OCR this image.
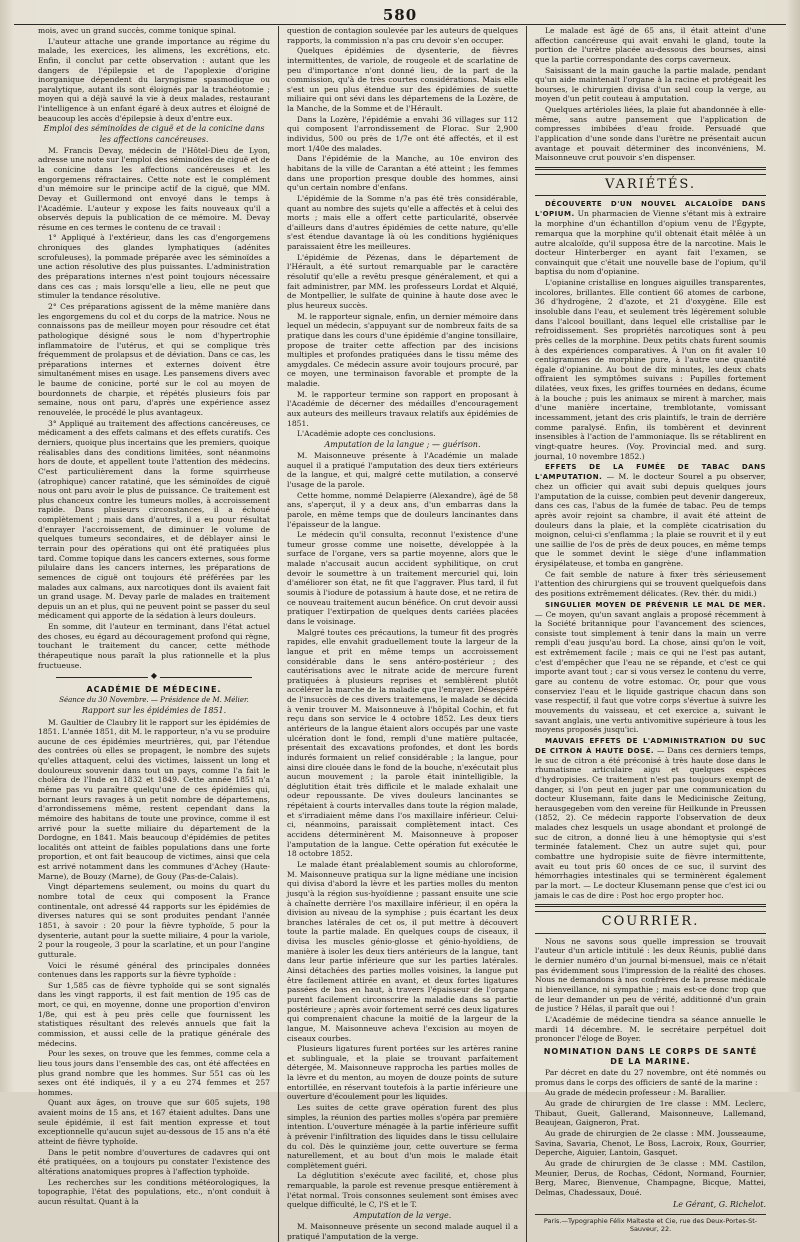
580

mois, avec un grand succès, comme tonique spinal.

L'auteur attache une grande importance au régime du malade, les exercices, les alimens, les excrétions, etc. Enfin, il conclut par cette observation : autant que les dangers de l'épilepsie et de l'apoplexie d'origine inorganique dépendent du laryngisme spasmodique ou paralytique, autant ils sont éloignés par la trachéotomie ; moyen qui a déjà sauvé la vie à deux malades, restaurant l'intelligence à un enfant égaré à deux autres et éloigné de beaucoup les accès d'épilepsie à deux d'entre eux.

Emploi des séminoïdes de ciguë et de la conicine dans les affections cancéreuses.

M. Francis Devay, médecin de l'Hôtel-Dieu de Lyon, adresse une note sur l'emploi des séminoïdes de ciguë et de la conicine dans les affections cancéreuses et les engorgemens réfractaires. Cette note est le complément d'un mémoire sur le principe actif de la ciguë, que MM. Devay et Guillermond ont envoyé dans le temps à l'Académie. L'auteur y expose les faits nouveaux qu'il a observés depuis la publication de ce mémoire. M. Devay résume en ces termes le contenu de ce travail :

1° Appliqué à l'extérieur, dans les cas d'engorgemens chroniques des glandes lymphatiques (adénites scrofuleuses), la pommade préparée avec les séminoïdes a une action résolutive des plus puissantes. L'administration des préparations internes n'est point toujours nécessaire dans ces cas ; mais lorsqu'elle a lieu, elle ne peut que stimuler la tendance résolutive.

2° Ces préparations agissent de la même manière dans les engorgemens du col et du corps de la matrice. Nous ne connaissons pas de meilleur moyen pour résoudre cet état pathologique désigné sous le nom d'hypertrophie inflammatoire de l'utérus, et qui se complique très fréquemment de prolapsus et de déviation. Dans ce cas, les préparations internes et externes doivent être simultanément mises en usage. Les pansemens divers avec le baume de conicine, porté sur le col au moyen de bourdonnets de charpie, et répétés plusieurs fois par semaine, nous ont paru, d'après une expérience assez renouvelée, le procédé le plus avantageux.

3° Appliqué au traitement des affections cancéreuses, ce médicament a des effets calmans et des effets curatifs. Ces derniers, quoique plus incertains que les premiers, quoique réalisables dans des conditions limitées, sont néanmoins hors de doute, et appellent toute l'attention des médecins. C'est particulièrement dans la forme squirrheuse (atrophique) cancer ratatiné, que les séminoïdes de ciguë nous ont paru avoir le plus de puissance. Ce traitement est plus chanceux contre les tumeurs molles, à accroissement rapide. Dans plusieurs circonstances, il a échoué complètement ; mais dans d'autres, il a eu pour résultat d'enrayer l'accroissement, de diminuer le volume de quelques tumeurs secondaires, et de déblayer ainsi le terrain pour des opérations qui ont été pratiquées plus tard. Comme topique dans les cancers externes, sous forme pilulaire dans les cancers internes, les préparations de semences de ciguë ont toujours été préférées par les malades aux calmans, aux narcotiques dont ils avaient fait un grand usage. M. Devay parle de malades en traitement depuis un an et plus, qui ne peuvent point se passer du seul médicament qui apporte de la sédation à leurs douleurs.

En somme, dit l'auteur en terminant, dans l'état actuel des choses, eu égard au découragement profond qui règne, touchant le traitement du cancer, cette méthode thérapeutique nous paraît la plus rationnelle et la plus fructueuse.

◆
ACADÉMIE DE MÉDECINE.
Séance du 30 Novembre. — Présidence de M. Mélier.

Rapport sur les épidémies de 1851.

M. Gaultier de Claubry lit le rapport sur les épidémies de 1851. L'année 1851, dit M. le rapporteur, n'a vu se produire aucune de ces épidémies meurtrières, qui, par l'étendue des contrées où elles se propagent, le nombre des sujets qu'elles attaquent, celui des victimes, laissent un long et douloureux souvenir dans tout un pays, comme l'a fait le choléra de l'Inde en 1832 et 1849. Cette année 1851 n'a même pas vu paraître quelqu'une de ces épidémies qui, bornant leurs ravages à un petit nombre de départemens, d'arrondissemens même, restent cependant dans la mémoire des habitans de toute une province, comme il est arrivé pour la suette miliaire du département de la Dordogne, en 1841. Mais beaucoup d'épidémies de petites localités ont atteint de faibles populations dans une forte proportion, et ont fait beaucoup de victimes, ainsi que cela est arrivé notamment dans les communes d'Achey (Haute-Marne), de Bouzy (Marne), de Gouy (Pas-de-Calais).

Vingt départemens seulement, ou moins du quart du nombre total de ceux qui composent la France continentale, ont adressé 44 rapports sur les épidémies de diverses natures qui se sont produites pendant l'année 1851, à savoir : 20 pour la fièvre typhoïde, 5 pour la dysenterie, autant pour la suette miliaire, 4 pour la variole, 2 pour la rougeole, 3 pour la scarlatine, et un pour l'angine gutturale.

Voici le résumé général des principales données contenues dans les rapports sur la fièvre typhoïde :

Sur 1,585 cas de fièvre typhoïde qui se sont signalés dans les vingt rapports, il est fait mention de 195 cas de mort, ce qui, en moyenne, donne une proportion d'environ 1/8e, qui est à peu près celle que fournissent les statistiques résultant des relevés annuels que fait la commission, et aussi celle de la pratique générale des médecins.

Pour les sexes, on trouve que les femmes, comme cela a lieu tous jours dans l'ensemble des cas, ont été affectées en plus grand nombre que les hommes. Sur 551 cas où les sexes ont été indiqués, il y a eu 274 femmes et 257 hommes.

Quant aux âges, on trouve que sur 605 sujets, 198 avaient moins de 15 ans, et 167 étaient adultes. Dans une seule épidémie, il est fait mention expresse et tout exceptionnelle qu'aucun sujet au-dessous de 15 ans n'a été atteint de fièvre typhoïde.

Dans le petit nombre d'ouvertures de cadavres qui ont été pratiquées, on a toujours pu constater l'existence des altérations anatomiques propres à l'affection typhoïde.

Les recherches sur les conditions météorologiques, la topographie, l'état des populations, etc., n'ont conduit à aucun résultat. Quant à la

question de contagion soulevée par les auteurs de quelques rapports, la commission n'a pas cru devoir s'en occuper.

Quelques épidémies de dysenterie, de fièvres intermittentes, de variole, de rougeole et de scarlatine de peu d'importance n'ont donné lieu, de la part de la commission, qu'à de très courtes considérations. Mais elle s'est un peu plus étendue sur des épidémies de suette miliaire qui ont sévi dans les départemens de la Lozère, de la Manche, de la Somme et de l'Hérault.

Dans la Lozère, l'épidémie a envahi 36 villages sur 112 qui composent l'arrondissement de Florac. Sur 2,900 individus, 500 ou près de 1/7e ont été affectés, et il est mort 1/40e des malades.

Dans l'épidémie de la Manche, au 10e environ des habitans de la ville de Carantan a été atteint ; les femmes dans une proportion presque double des hommes, ainsi qu'un certain nombre d'enfans.

L'épidémie de la Somme n'a pas été très considérable, quant au nombre des sujets qu'elle a affectés et à celui des morts ; mais elle a offert cette particularité, observée d'ailleurs dans d'autres épidémies de cette nature, qu'elle s'est étendue davantage là où les conditions hygiéniques paraissaient être les meilleures.

L'épidémie de Pézenas, dans le département de l'Hérault, a été surtout remarquable par le caractère résolutif qu'elle a revêtu presque généralement, et qui a fait administrer, par MM. les professeurs Lordat et Alquié, de Montpellier, le sulfate de quinine à haute dose avec le plus heureux succès.

M. le rapporteur signale, enfin, un dernier mémoire dans lequel un médecin, s'appuyant sur de nombreux faits de sa pratique dans les cours d'une épidémie d'angine tonsillaire, propose de traiter cette affection par des incisions multiples et profondes pratiquées dans le tissu même des amygdales. Ce médecin assure avoir toujours procuré, par ce moyen, une terminaison favorable et prompte de la maladie.

M. le rapporteur termine son rapport en proposant à l'Académie de décerner des médailles d'encouragement aux auteurs des meilleurs travaux relatifs aux épidémies de 1851.

L'Académie adopte ces conclusions.

Amputation de la langue ; — guérison.

M. Maisonneuve présente à l'Académie un malade auquel il a pratiqué l'amputation des deux tiers extérieurs de la langue, et qui, malgré cette mutilation, a conservé l'usage de la parole.

Cette homme, nommé Delapierre (Alexandre), âgé de 58 ans, s'aperçut, il y a deux ans, d'un embarras dans la parole, en même temps que de douleurs lancinantes dans l'épaisseur de la langue.

Le médecin qu'il consulta, reconnut l'existence d'une tumeur grosse comme une noisette, développée à la surface de l'organe, vers sa partie moyenne, alors que le malade n'accusait aucun accident syphilitique, on crut devoir le soumettre à un traitement mercuriel qui, loin d'améliorer son état, ne fit que l'aggraver. Plus tard, il fut soumis à l'iodure de potassium à haute dose, et ne retira de ce nouveau traitement aucun bénéfice. On crut devoir aussi pratiquer l'extirpation de quelques dents cariées placées dans le voisinage.

Malgré toutes ces précautions, la tumeur fit des progrès rapides, elle envahit graduellement toute la largeur de la langue et prit en même temps un accroissement considérable dans le sens antéro-postérieur ; des cautérisations avec le nitrate acide de mercure furent pratiquées à plusieurs reprises et semblèrent plutôt accélérer la marche de la maladie que l'enrayer. Désespéré de l'insuccès de ces divers traitemens, le malade se décida à venir trouver M. Maisonneuve à l'hôpital Cochin, et fut reçu dans son service le 4 octobre 1852. Les deux tiers antérieurs de la langue étaient alors occupés par une vaste ulcération dont le fond, rempli d'une matière pultacée, présentait des excavations profondes, et dont les bords indurés formaient un relief considérable ; la langue, pour ainsi dire clouée dans le fond de la bouche, n'exécutait plus aucun mouvement ; la parole était inintelligible, la déglutition était très difficile et le malade exhalait une odeur repoussante. De vives douleurs lancinantes se répétaient à courts intervalles dans toute la région malade, et s'irradiaient même dans l'os maxillaire inférieur. Celui-ci, néanmoins, paraissait complètement intact. Ces accidens déterminèrent M. Maisonneuve à proposer l'amputation de la langue. Cette opération fut exécutée le 18 octobre 1852.

Le malade étant préalablement soumis au chloroforme, M. Maisonneuve pratiqua sur la ligne médiane une incision qui divisa d'abord la lèvre et les parties molles du menton jusqu'à la région sus-hyoïdienne ; passant ensuite une scie à chaînette derrière l'os maxillaire inférieur, il en opéra la division au niveau de la symphise ; puis écartant les deux branches latérales de cet os, il put mettre à découvert toute la partie malade. En quelques coups de ciseaux, il divisa les muscles génio-glosse et génio-hyoïdiens, de manière à isoler les deux tiers antérieurs de la langue, tant dans leur partie inférieure que sur les parties latérales. Ainsi détachées des parties molles voisines, la langue put être facilement attirée en avant, et deux fortes ligatures passées de bas en haut, à travers l'épaisseur de l'organe purent facilement circonscrire la maladie dans sa partie postérieure ; après avoir fortement serré ces deux ligatures qui comprenaient chacune la moitié de la largeur de la langue, M. Maisonneuve acheva l'excision au moyen de ciseaux courbes.

Plusieurs ligatures furent portées sur les artères ranine et sublinguale, et la plaie se trouvant parfaitement détergée, M. Maisonneuve rapprocha les parties molles de la lèvre et du menton, au moyen de douze points de suture entortillée, en réservant toutefois à la partie inférieure une ouverture d'écoulement pour les liquides.

Les suites de cette grave opération furent des plus simples, la réunion des parties molles s'opéra par première intention. L'ouverture ménagée à la partie inférieure suffit à prévenir l'infiltration des liquides dans le tissu cellulaire du col. Dès le quinzième jour, cette ouverture se ferma naturellement, et au bout d'un mois le malade était complètement guéri.

La déglutition s'exécute avec facilité, et, chose plus remarquable, la parole est revenue presque entièrement à l'état normal. Trois consonnes seulement sont émises avec quelque difficulté, le C, l'S et le T.

Amputation de la verge.

M. Maisonneuve présente un second malade auquel il a pratiqué l'amputation de la verge.

Le malade est âgé de 65 ans, il était atteint d'une affection cancéreuse qui avait envahi le gland, toute la portion de l'urètre placée au-dessous des bourses, ainsi que la partie correspondante des corps caverneux.

Saisissant de la main gauche la partie malade, pendant qu'un aide maintenait l'organe à la racine et protégeait les bourses, le chirurgien divisa d'un seul coup la verge, au moyen d'un petit couteau à amputation.

Quelques artérioles liées, la plaie fut abandonnée à elle-même, sans autre pansement que l'application de compresses imbibées d'eau froide. Persuadé que l'application d'une sonde dans l'urètre ne présentait aucun avantage et pouvait déterminer des inconvéniens, M. Maisonneuve crut pouvoir s'en dispenser.

VARIÉTÉS.

DÉCOUVERTE D'UN NOUVEL ALCALOÏDE DANS L'OPIUM. Un pharmacien de Vienne s'étant mis à extraire la morphine d'un échantillon d'opium venu de l'Égypte, remarqua que la morphine qu'il obtenait était mêlée à un autre alcaloïde, qu'il supposa être de la narcotine. Mais le docteur Hinterberger en ayant fait l'examen, se convainquit que c'était une nouvelle base de l'opium, qu'il baptisa du nom d'opianine.

L'opianine cristallise en longues aiguilles transparentes, incolores, brillantes. Elle contient 66 atomes de carbone, 36 d'hydrogène, 2 d'azote, et 21 d'oxygène. Elle est insoluble dans l'eau, et seulement très légèrement soluble dans l'alcool bouillant, dans lequel elle cristallise par le refroidissement. Ses propriétés narcotiques sont à peu près celles de la morphine. Deux petits chats furent soumis à des expériences comparatives. À l'un on fit avaler 10 centigrammes de morphine pure, à l'autre une quantité égale d'opianine. Au bout de dix minutes, les deux chats offraient les symptômes suivans : Pupilles fortement dilatées, veux fixes, les griffes tournées en dedans, écume à la bouche ; puis les animaux se mirent à marcher, mais d'une manière incertaine, tremblotante, vomissant incessamment, jetant des cris plaintifs, le train de derrière comme paralysé. Enfin, ils tombèrent et devinrent insensibles à l'action de l'ammoniaque. Ils se rétablirent en vingt-quatre heures. (Voy. Provincial med. and surg. journal, 10 novembre 1852.)

EFFETS DE LA FUMÉE DE TABAC DANS L'AMPUTATION. — M. le docteur Sourel a pu observer, chez un officier qui avait subi depuis quelques jours l'amputation de la cuisse, combien peut devenir dangereux, dans ces cas, l'abus de la fumée de tabac. Peu de temps après avoir rejoint sa chambre, il avait été atteint de douleurs dans la plaie, et la complète cicatrisation du moignon, celui-ci s'enflamma ; la plaie se rouvrit et il y eut une saillie de l'os de près de deux pouces, en même temps que le sommet devint le siège d'une inflammation érysipélateuse, et tomba en gangrène.

Ce fait semble de nature à fixer très sérieusement l'attention des chirurgiens qui se trouvent quelquefois dans des positions extrêmement délicates. (Rev. thér. du midi.)

SINGULIER MOYEN DE PRÉVENIR LE MAL DE MER. — Ce moyen, qu'un savant anglais a proposé récemment à la Société britannique pour l'avancement des sciences, consiste tout simplement à tenir dans la main un verre rempli d'eau jusqu'au bord. La chose, ainsi qu'on le voit, est extrêmement facile ; mais ce qui ne l'est pas autant, c'est d'empêcher que l'eau ne se répande, et c'est ce qui importe avant tout ; car si vous versez le contenu du verre, gare au contenu de votre estomac. Or, pour que vous conserviez l'eau et le liquide gastrique chacun dans son vase respectif, il faut que votre corps s'évertue à suivre les mouvements du vaisseau, et cet exercice a, suivant le savant anglais, une vertu antivomitive supérieure à tous les moyens proposés jusqu'ici.

MAUVAIS EFFETS DE L'ADMINISTRATION DU SUC DE CITRON À HAUTE DOSE. — Dans ces derniers temps, le suc de citron a été préconisé à très haute dose dans le rhumatisme articulaire aigu et quelques espèces d'hydropisies. Ce traitement n'est pas toujours exempt de danger, si l'on peut en juger par une communication du docteur Klusemann, faite dans le Medicinische Zeitung, herausgegeben vom den vereine für Heilkunde in Preussen (1852, 2). Ce médecin rapporte l'observation de deux malades chez lesquels un usage abondant et prolongé de suc de citron, a donné lieu à une hémoptysie qui s'est terminée fatalement. Chez un autre sujet qui, pour combattre une hydropisie suite de fièvre intermittente, avait eu tout pris 60 onces de ce suc, il survint des hémorrhagies intestinales qui se terminèrent également par la mort. — Le docteur Klusemann pense que c'est ici ou jamais le cas de dire : Post hoc ergo propter hoc.

COURRIER.

Nous ne savons sous quelle impression se trouvait l'auteur d'un article intitulé : les deux Réunis, publié dans le dernier numéro d'un journal bi-mensuel, mais ce n'était pas évidemment sous l'impression de la réalité des choses. Nous ne demandons à nos confrères de la presse médicale ni bienveillance, ni sympathie ; mais est-ce donc trop que de leur demander un peu de vérité, additionné d'un grain de justice ? Hélas, il paraît que oui !

L'Académie de médecine tiendra sa séance annuelle le mardi 14 décembre. M. le secrétaire perpétuel doit prononcer l'éloge de Boyer.

NOMINATION DANS LE CORPS DE SANTÉ DE LA MARINE.

Par décret en date du 27 novembre, ont été nommés ou promus dans le corps des officiers de santé de la marine :

Au grade de médecin professeur : M. Barallier.

Au grade de chirurgien de 1re classe : MM. Leclerc, Thibaut, Gueit, Gallerand, Maisonneuve, Lallemand, Beaujean, Gaigneron, Prat.

Au grade de chirurgien de 2e classe : MM. Jousseaume, Savina, Savaria, Chenot, Le Boss, Lacroix, Roux, Gourrier, Deperche, Aiguier, Lantoin, Gasquet.

Au grade de chirurgien de 3e classe : MM. Castilon, Meunier, Derus, de Rochas, Cédont, Normand, Fournier, Berg, Marec, Bienvenue, Champagne, Bicque, Mattei, Delmas, Chadessaux, Doué.

Le Gérant, G. Richelot.
Paris.—Typographie Félix Malteste et Cie, rue des Deux-Portes-St-Sauveur, 22.
